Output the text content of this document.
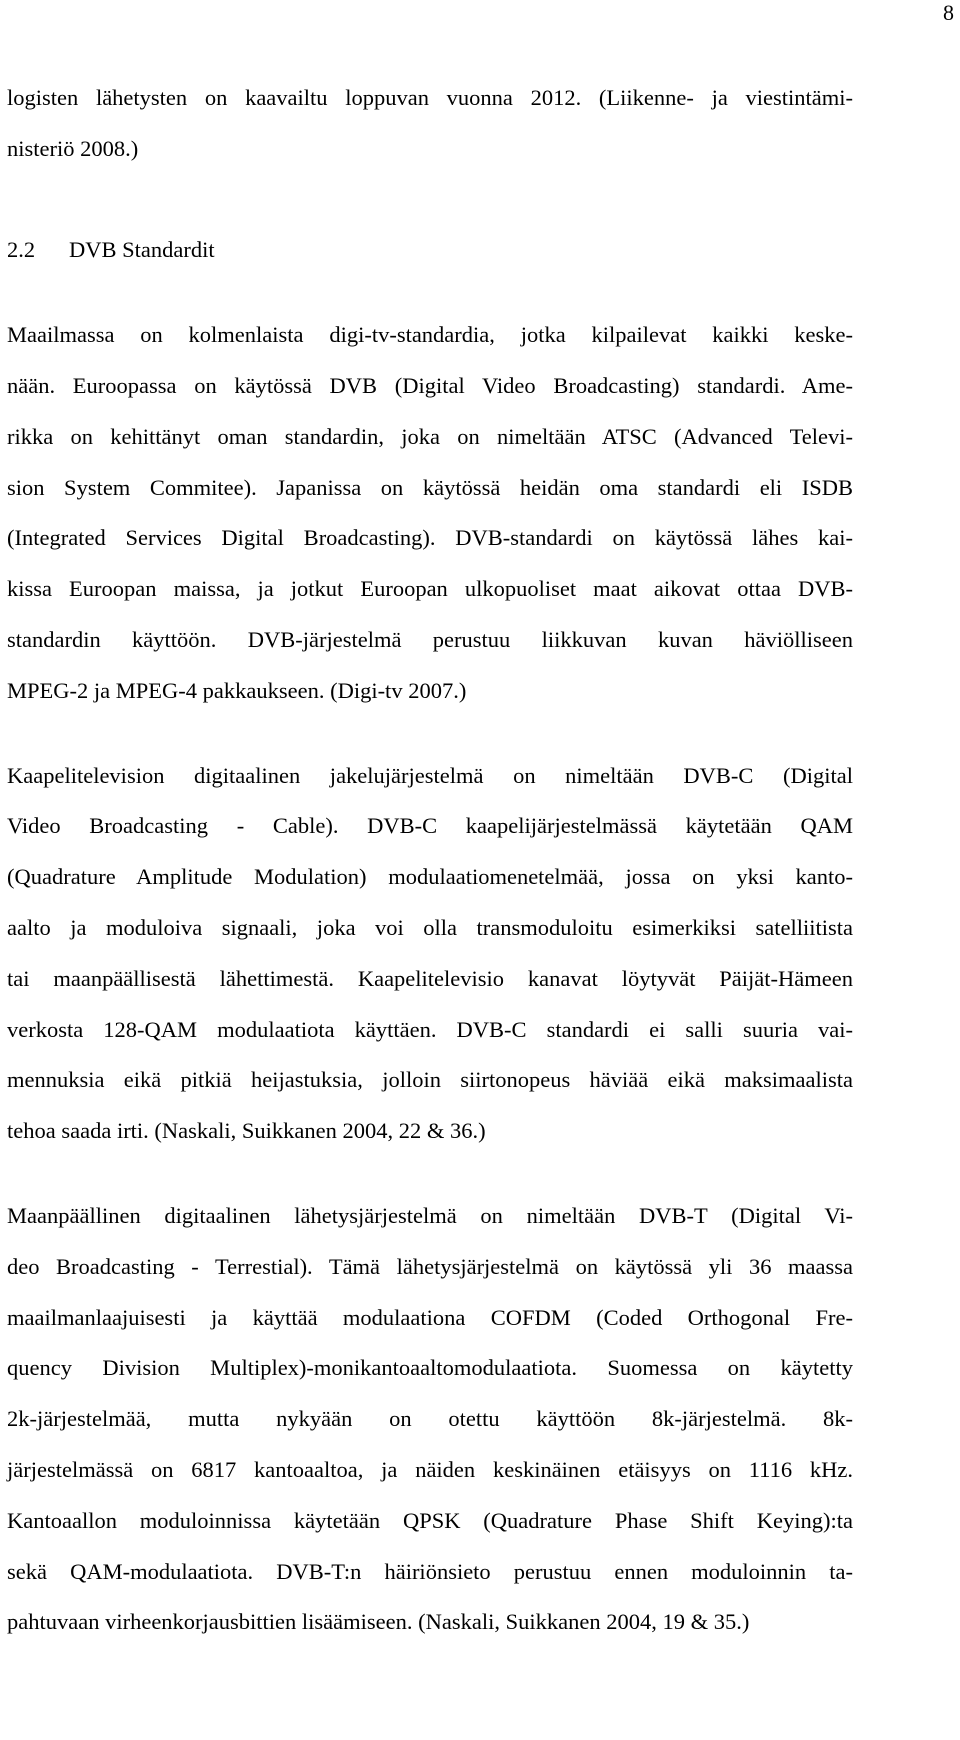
8
logisten lähetysten on kaavailtu loppuvan vuonna 2012. (Liikenne- ja viestintämi-
nisteriö 2008.)
2.2 DVB Standardit
Maailmassa on kolmenlaista digi-tv-standardia, jotka kilpailevat kaikki keske-
nään. Euroopassa on käytössä DVB (Digital Video Broadcasting) standardi. Ame-
rikka on kehittänyt oman standardin, joka on nimeltään ATSC (Advanced Televi-
sion System Commitee). Japanissa on käytössä heidän oma standardi eli ISDB
(Integrated Services Digital Broadcasting). DVB-standardi on käytössä lähes kai-
kissa Euroopan maissa, ja jotkut Euroopan ulkopuoliset maat aikovat ottaa DVB-
standardin käyttöön. DVB-järjestelmä perustuu liikkuvan kuvan häviölliseen
MPEG-2 ja MPEG-4 pakkaukseen. (Digi-tv 2007.)
Kaapelitelevision digitaalinen jakelujärjestelmä on nimeltään DVB-C (Digital
Video Broadcasting - Cable). DVB-C kaapelijärjestelmässä käytetään QAM
(Quadrature Amplitude Modulation) modulaatiomenetelmää, jossa on yksi kanto-
aalto ja moduloiva signaali, joka voi olla transmoduloitu esimerkiksi satelliitista
tai maanpäällisestä lähettimestä. Kaapelitelevisio kanavat löytyvät Päijät-Hämeen
verkosta 128-QAM modulaatiota käyttäen. DVB-C standardi ei salli suuria vai-
mennuksia eikä pitkiä heijastuksia, jolloin siirtonopeus häviää eikä maksimaalista
tehoa saada irti. (Naskali, Suikkanen 2004, 22 & 36.)
Maanpäällinen digitaalinen lähetysjärjestelmä on nimeltään DVB-T (Digital Vi-
deo Broadcasting - Terrestial). Tämä lähetysjärjestelmä on käytössä yli 36 maassa
maailmanlaajuisesti ja käyttää modulaationa COFDM (Coded Orthogonal Fre-
quency Division Multiplex)-monikantoaaltomodulaatiota. Suomessa on käytetty
2k-järjestelmää, mutta nykyään on otettu käyttöön 8k-järjestelmä. 8k-
järjestelmässä on 6817 kantoaaltoa, ja näiden keskinäinen etäisyys on 1116 kHz.
Kantoaallon moduloinnissa käytetään QPSK (Quadrature Phase Shift Keying):ta
sekä QAM-modulaatiota. DVB-T:n häiriönsieto perustuu ennen moduloinnin ta-
pahtuvaan virheenkorjausbittien lisäämiseen. (Naskali, Suikkanen 2004, 19 & 35.)
